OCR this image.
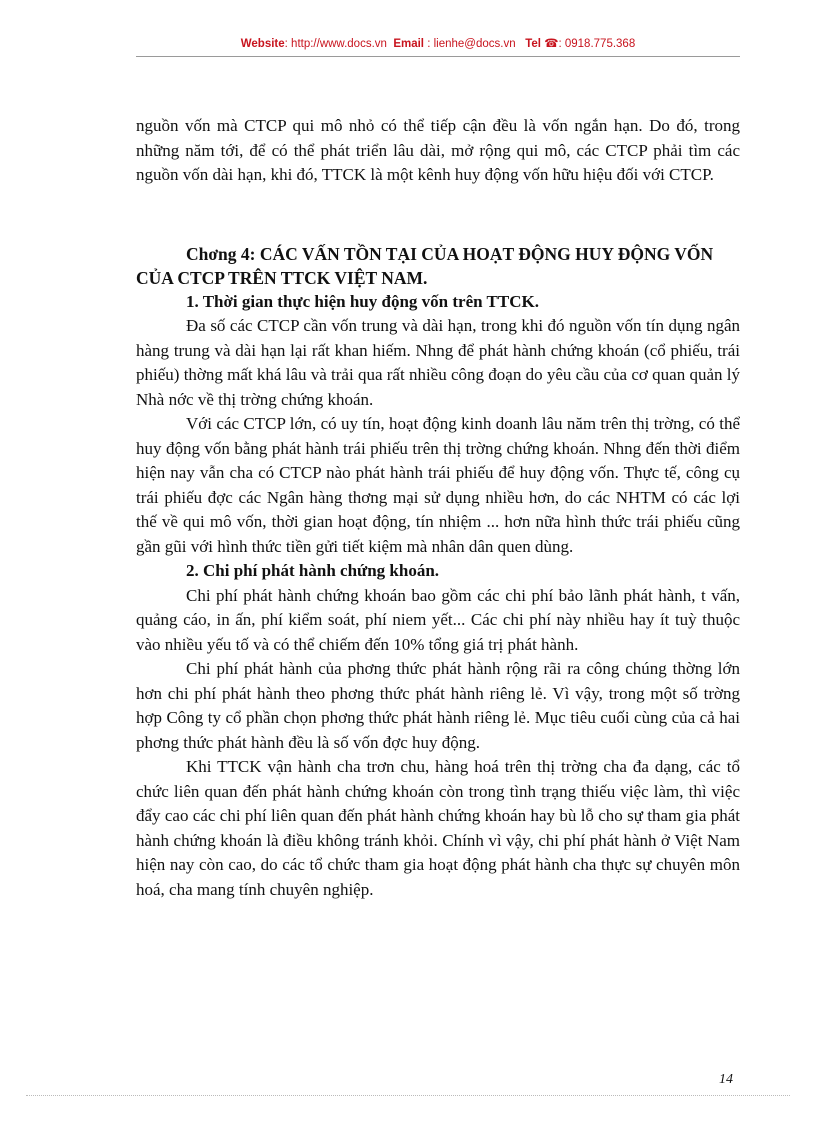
Website: http://www.docs.vn Email : lienhe@docs.vn Tel ☎: 0918.775.368

nguồn vốn mà CTCP qui mô nhỏ có thể tiếp cận đều là vốn ngắn hạn. Do đó, trong những năm tới, để có thể phát triển lâu dài, mở rộng qui mô, các CTCP phải tìm các nguồn vốn dài hạn, khi đó, TTCK là một kênh huy động vốn hữu hiệu đối với CTCP.

Chơng 4: CÁC VẤN TỒN TẠI CỦA HOẠT ĐỘNG HUY ĐỘNG VỐN CỦA CTCP TRÊN TTCK VIỆT NAM.

1. Thời gian thực hiện huy động vốn trên TTCK.

Đa số các CTCP cần vốn trung và dài hạn, trong khi đó nguồn vốn tín dụng ngân hàng trung và dài hạn lại rất khan hiếm. Nhng để phát hành chứng khoán (cổ phiếu, trái phiếu) thờng mất khá lâu và trải qua rất nhiều công đoạn do yêu cầu của cơ quan quản lý Nhà nớc về thị trờng chứng khoán.

Với các CTCP lớn, có uy tín, hoạt động kinh doanh lâu năm trên thị trờng, có thể huy động vốn bằng phát hành trái phiếu trên thị trờng chứng khoán. Nhng đến thời điểm hiện nay vẫn cha có CTCP nào phát hành trái phiếu để huy động vốn. Thực tế, công cụ trái phiếu đợc các Ngân hàng thơng mại sử dụng nhiều hơn, do các NHTM có các lợi thế về qui mô vốn, thời gian hoạt động, tín nhiệm ... hơn nữa hình thức trái phiếu cũng gần gũi với hình thức tiền gửi tiết kiệm mà nhân dân quen dùng.

2. Chi phí phát hành chứng khoán.

Chi phí phát hành chứng khoán bao gồm các chi phí bảo lãnh phát hành, t vấn, quảng cáo, in ấn, phí kiểm soát, phí niem yết... Các chi phí này nhiều hay ít tuỳ thuộc vào nhiều yếu tố và có thể chiếm đến 10% tổng giá trị phát hành.

Chi phí phát hành của phơng thức phát hành rộng rãi ra công chúng thờng lớn hơn chi phí phát hành theo phơng thức phát hành riêng lẻ. Vì vậy, trong một số trờng hợp Công ty cổ phần chọn phơng thức phát hành riêng lẻ. Mục tiêu cuối cùng của cả hai phơng thức phát hành đều là số vốn đợc huy động.

Khi TTCK vận hành cha trơn chu, hàng hoá trên thị trờng cha đa dạng, các tổ chức liên quan đến phát hành chứng khoán còn trong tình trạng thiếu việc làm, thì việc đẩy cao các chi phí liên quan đến phát hành chứng khoán hay bù lỗ cho sự tham gia phát hành chứng khoán là điều không tránh khỏi. Chính vì vậy, chi phí phát hành ở Việt Nam hiện nay còn cao, do các tổ chức tham gia hoạt động phát hành cha thực sự chuyên môn hoá, cha mang tính chuyên nghiệp.

14
